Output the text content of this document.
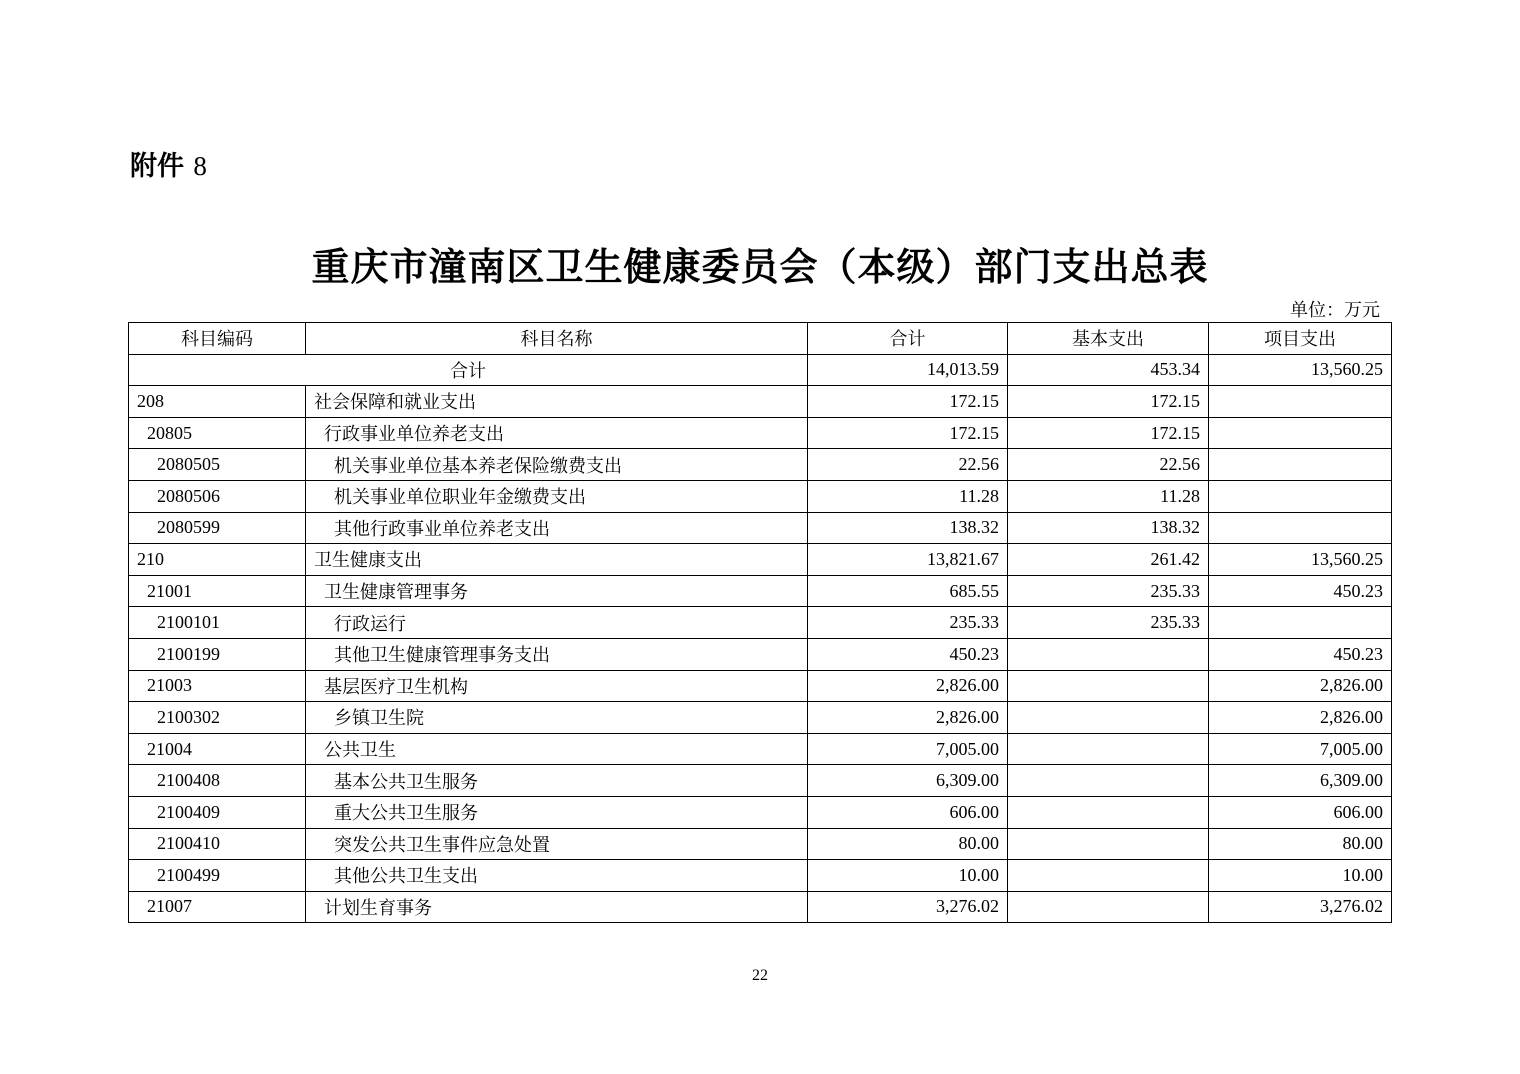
附件 8
重庆市潼南区卫生健康委员会（本级）部门支出总表
单位：万元
科目编码	科目名称	合计	基本支出	项目支出
合计		14,013.59	453.34	13,560.25
208	社会保障和就业支出	172.15	172.15	
20805	行政事业单位养老支出	172.15	172.15	
2080505	机关事业单位基本养老保险缴费支出	22.56	22.56	
2080506	机关事业单位职业年金缴费支出	11.28	11.28	
2080599	其他行政事业单位养老支出	138.32	138.32	
210	卫生健康支出	13,821.67	261.42	13,560.25
21001	卫生健康管理事务	685.55	235.33	450.23
2100101	行政运行	235.33	235.33	
2100199	其他卫生健康管理事务支出	450.23		450.23
21003	基层医疗卫生机构	2,826.00		2,826.00
2100302	乡镇卫生院	2,826.00		2,826.00
21004	公共卫生	7,005.00		7,005.00
2100408	基本公共卫生服务	6,309.00		6,309.00
2100409	重大公共卫生服务	606.00		606.00
2100410	突发公共卫生事件应急处置	80.00		80.00
2100499	其他公共卫生支出	10.00		10.00
21007	计划生育事务	3,276.02		3,276.02
22
